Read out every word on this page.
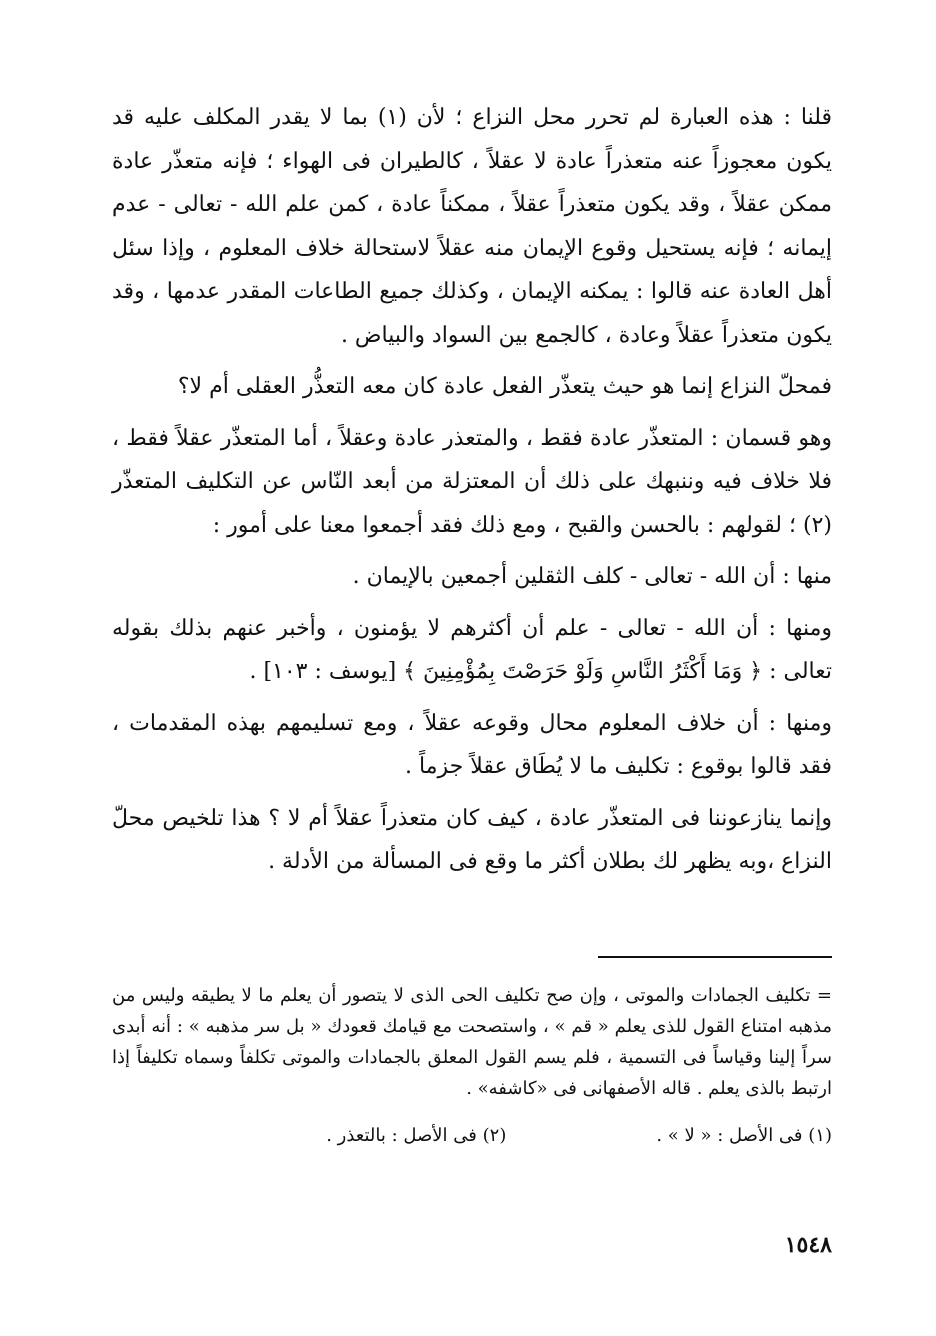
قلنا : هذه العبارة لم تحرر محل النزاع ؛ لأن (١) بما لا يقدر المكلف عليه قد يكون معجوزاً عنه متعذراً عادة لا عقلاً ، كالطيران فى الهواء ؛ فإنه متعذّر عادة ممكن عقلاً ، وقد يكون متعذراً عقلاً ، ممكناً عادة ، كمن علم الله - تعالى - عدم إيمانه ؛ فإنه يستحيل وقوع الإيمان منه عقلاً لاستحالة خلاف المعلوم ، وإذا سئل أهل العادة عنه قالوا : يمكنه الإيمان ، وكذلك جميع الطاعات المقدر عدمها ، وقد يكون متعذراً عقلاً وعادة ، كالجمع بين السواد والبياض .

فمحلّ النزاع إنما هو حيث يتعذّر الفعل عادة كان معه التعذُّر العقلى أم لا؟

وهو قسمان : المتعذّر عادة فقط ، والمتعذر عادة وعقلاً ، أما المتعذّر عقلاً فقط ، فلا خلاف فيه وننبهك على ذلك أن المعتزلة من أبعد النّاس عن التكليف المتعذّر (٢) ؛ لقولهم : بالحسن والقبح ، ومع ذلك فقد أجمعوا معنا على أمور :

منها : أن الله - تعالى - كلف الثقلين أجمعين بالإيمان .

ومنها : أن الله - تعالى - علم أن أكثرهم لا يؤمنون ، وأخبر عنهم بذلك بقوله تعالى : ﴿ وَمَا أَكْثَرُ النَّاسِ وَلَوْ حَرَصْتَ بِمُؤْمِنِينَ ﴾ [يوسف : ١٠٣] .

ومنها : أن خلاف المعلوم محال وقوعه عقلاً ، ومع تسليمهم بهذه المقدمات ، فقد قالوا بوقوع : تكليف ما لا يُطَاق عقلاً جزماً .

وإنما ينازعوننا فى المتعذّر عادة ، كيف كان متعذراً عقلاً أم لا ؟ هذا تلخيص محلّ النزاع ،وبه يظهر لك بطلان أكثر ما وقع فى المسألة من الأدلة .

= تكليف الجمادات والموتى ، وإن صح تكليف الحى الذى لا يتصور أن يعلم ما لا يطيقه وليس من مذهبه امتناع القول للذى يعلم « قم » ، واستصحت مع قيامك قعودك « بل سر مذهبه » : أنه أبدى سراً إلينا وقياساً فى التسمية ، فلم يسم القول المعلق بالجمادات والموتى تكلفاً وسماه تكليفاً إذا ارتبط بالذى يعلم . قاله الأصفهانى فى «كاشفه» .

(١) فى الأصل : « لا » .
(٢) فى الأصل : بالتعذر .
١٥٤٨
